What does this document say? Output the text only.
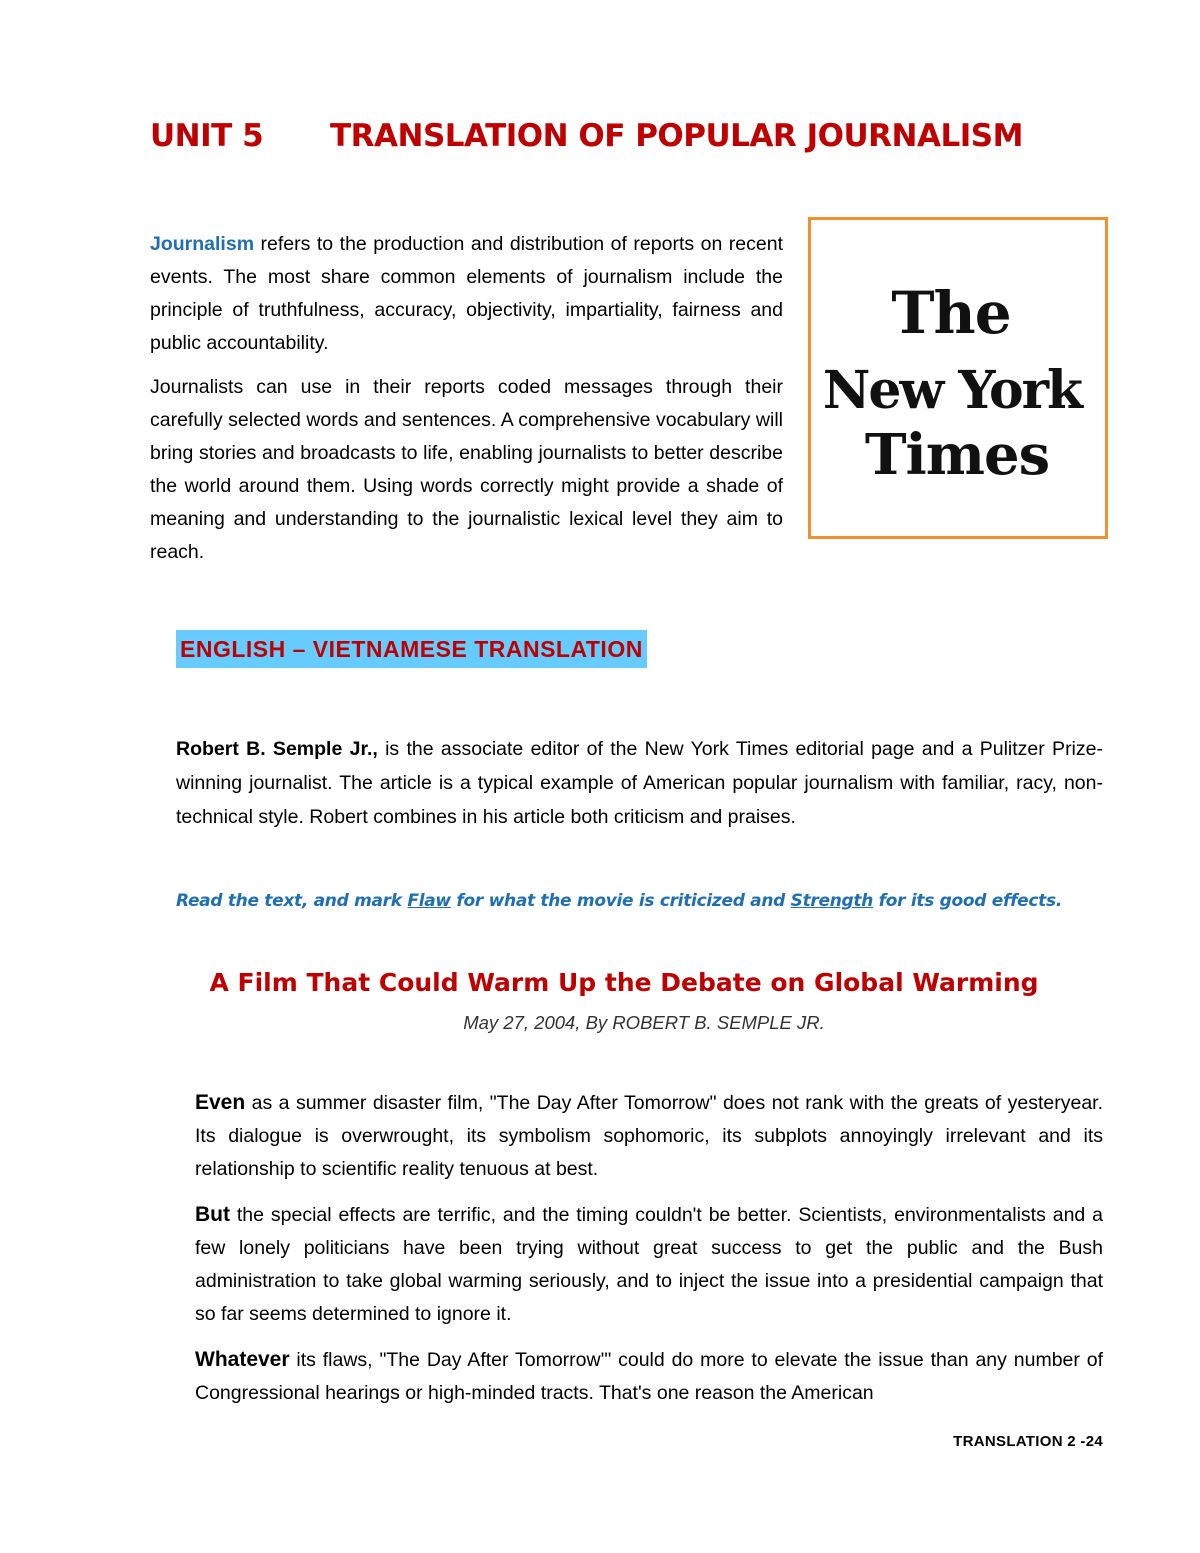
UNIT 5 TRANSLATION OF POPULAR JOURNALISM

Journalism refers to the production and distribution of reports on recent events. The most share common elements of journalism include the principle of truthfulness, accuracy, objectivity, impartiality, fairness and public accountability.

Journalists can use in their reports coded messages through their carefully selected words and sentences. A comprehensive vocabulary will bring stories and broadcasts to life, enabling journalists to better describe the world around them. Using words correctly might provide a shade of meaning and understanding to the journalistic lexical level they aim to reach.

The
New York
Times
ENGLISH – VIETNAMESE TRANSLATION

Robert B. Semple Jr., is the associate editor of the New York Times editorial page and a Pulitzer Prize-winning journalist. The article is a typical example of American popular journalism with familiar, racy, non-technical style. Robert combines in his article both criticism and praises.

Read the text, and mark Flaw for what the movie is criticized and Strength for its good effects.
A Film That Could Warm Up the Debate on Global Warming
May 27, 2004, By ROBERT B. SEMPLE JR.

Even as a summer disaster film, "The Day After Tomorrow" does not rank with the greats of yesteryear. Its dialogue is overwrought, its symbolism sophomoric, its subplots annoyingly irrelevant and its relationship to scientific reality tenuous at best.

But the special effects are terrific, and the timing couldn't be better. Scientists, environmentalists and a few lonely politicians have been trying without great success to get the public and the Bush administration to take global warming seriously, and to inject the issue into a presidential campaign that so far seems determined to ignore it.

Whatever its flaws, "The Day After Tomorrow'" could do more to elevate the issue than any number of Congressional hearings or high-minded tracts. That's one reason the American

TRANSLATION 2 -24
